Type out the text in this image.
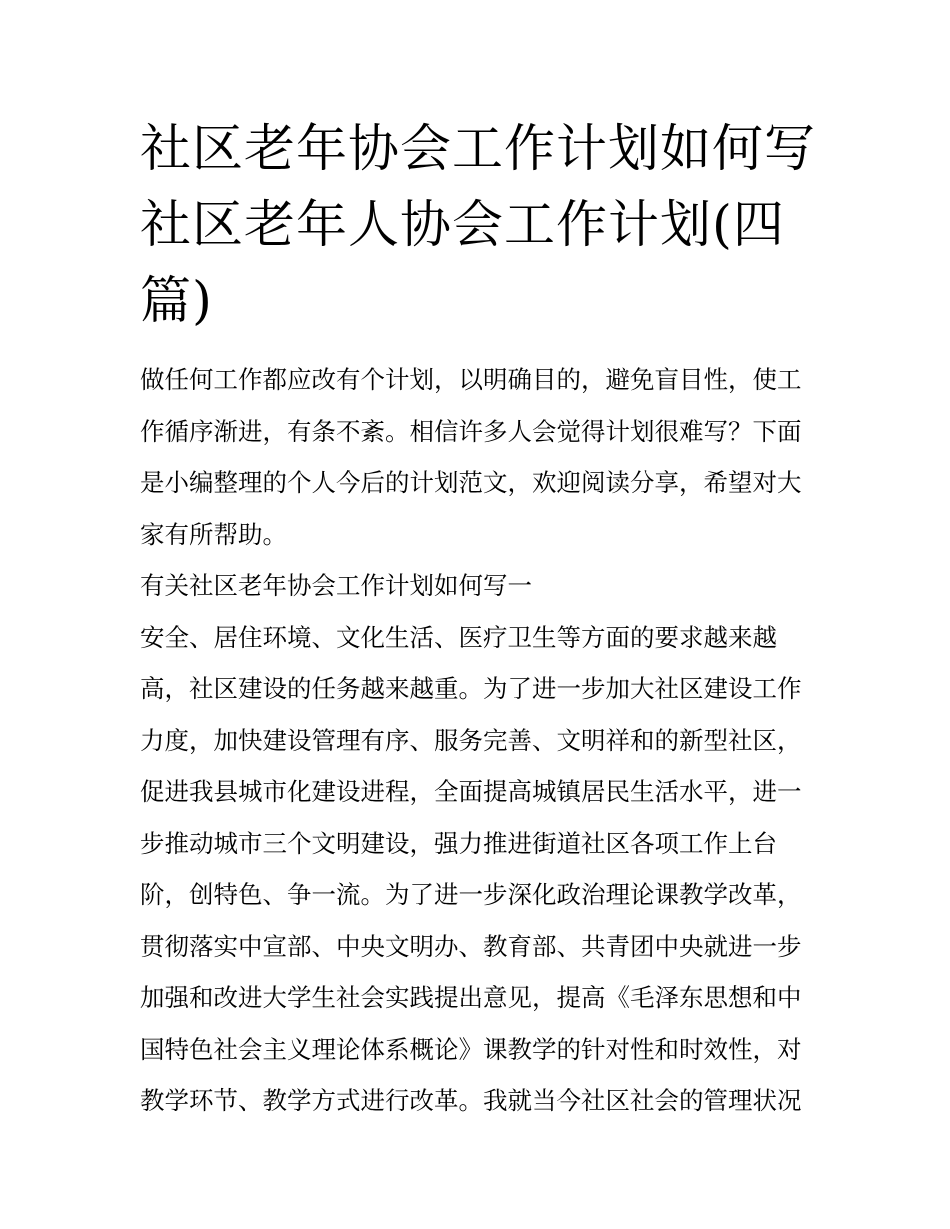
社区老年协会工作计划如何写
社区老年人协会工作计划(四
篇)
做任何工作都应改有个计划，以明确目的，避免盲目性，使工
作循序渐进，有条不紊。相信许多人会觉得计划很难写？下面
是小编整理的个人今后的计划范文，欢迎阅读分享，希望对大
家有所帮助。
有关社区老年协会工作计划如何写一
安全、居住环境、文化生活、医疗卫生等方面的要求越来越
高，社区建设的任务越来越重。为了进一步加大社区建设工作
力度，加快建设管理有序、服务完善、文明祥和的新型社区，
促进我县城市化建设进程，全面提高城镇居民生活水平，进一
步推动城市三个文明建设，强力推进街道社区各项工作上台
阶，创特色、争一流。为了进一步深化政治理论课教学改革，
贯彻落实中宣部、中央文明办、教育部、共青团中央就进一步
加强和改进大学生社会实践提出意见，提高《毛泽东思想和中
国特色社会主义理论体系概论》课教学的针对性和时效性，对
教学环节、教学方式进行改革。我就当今社区社会的管理状况
